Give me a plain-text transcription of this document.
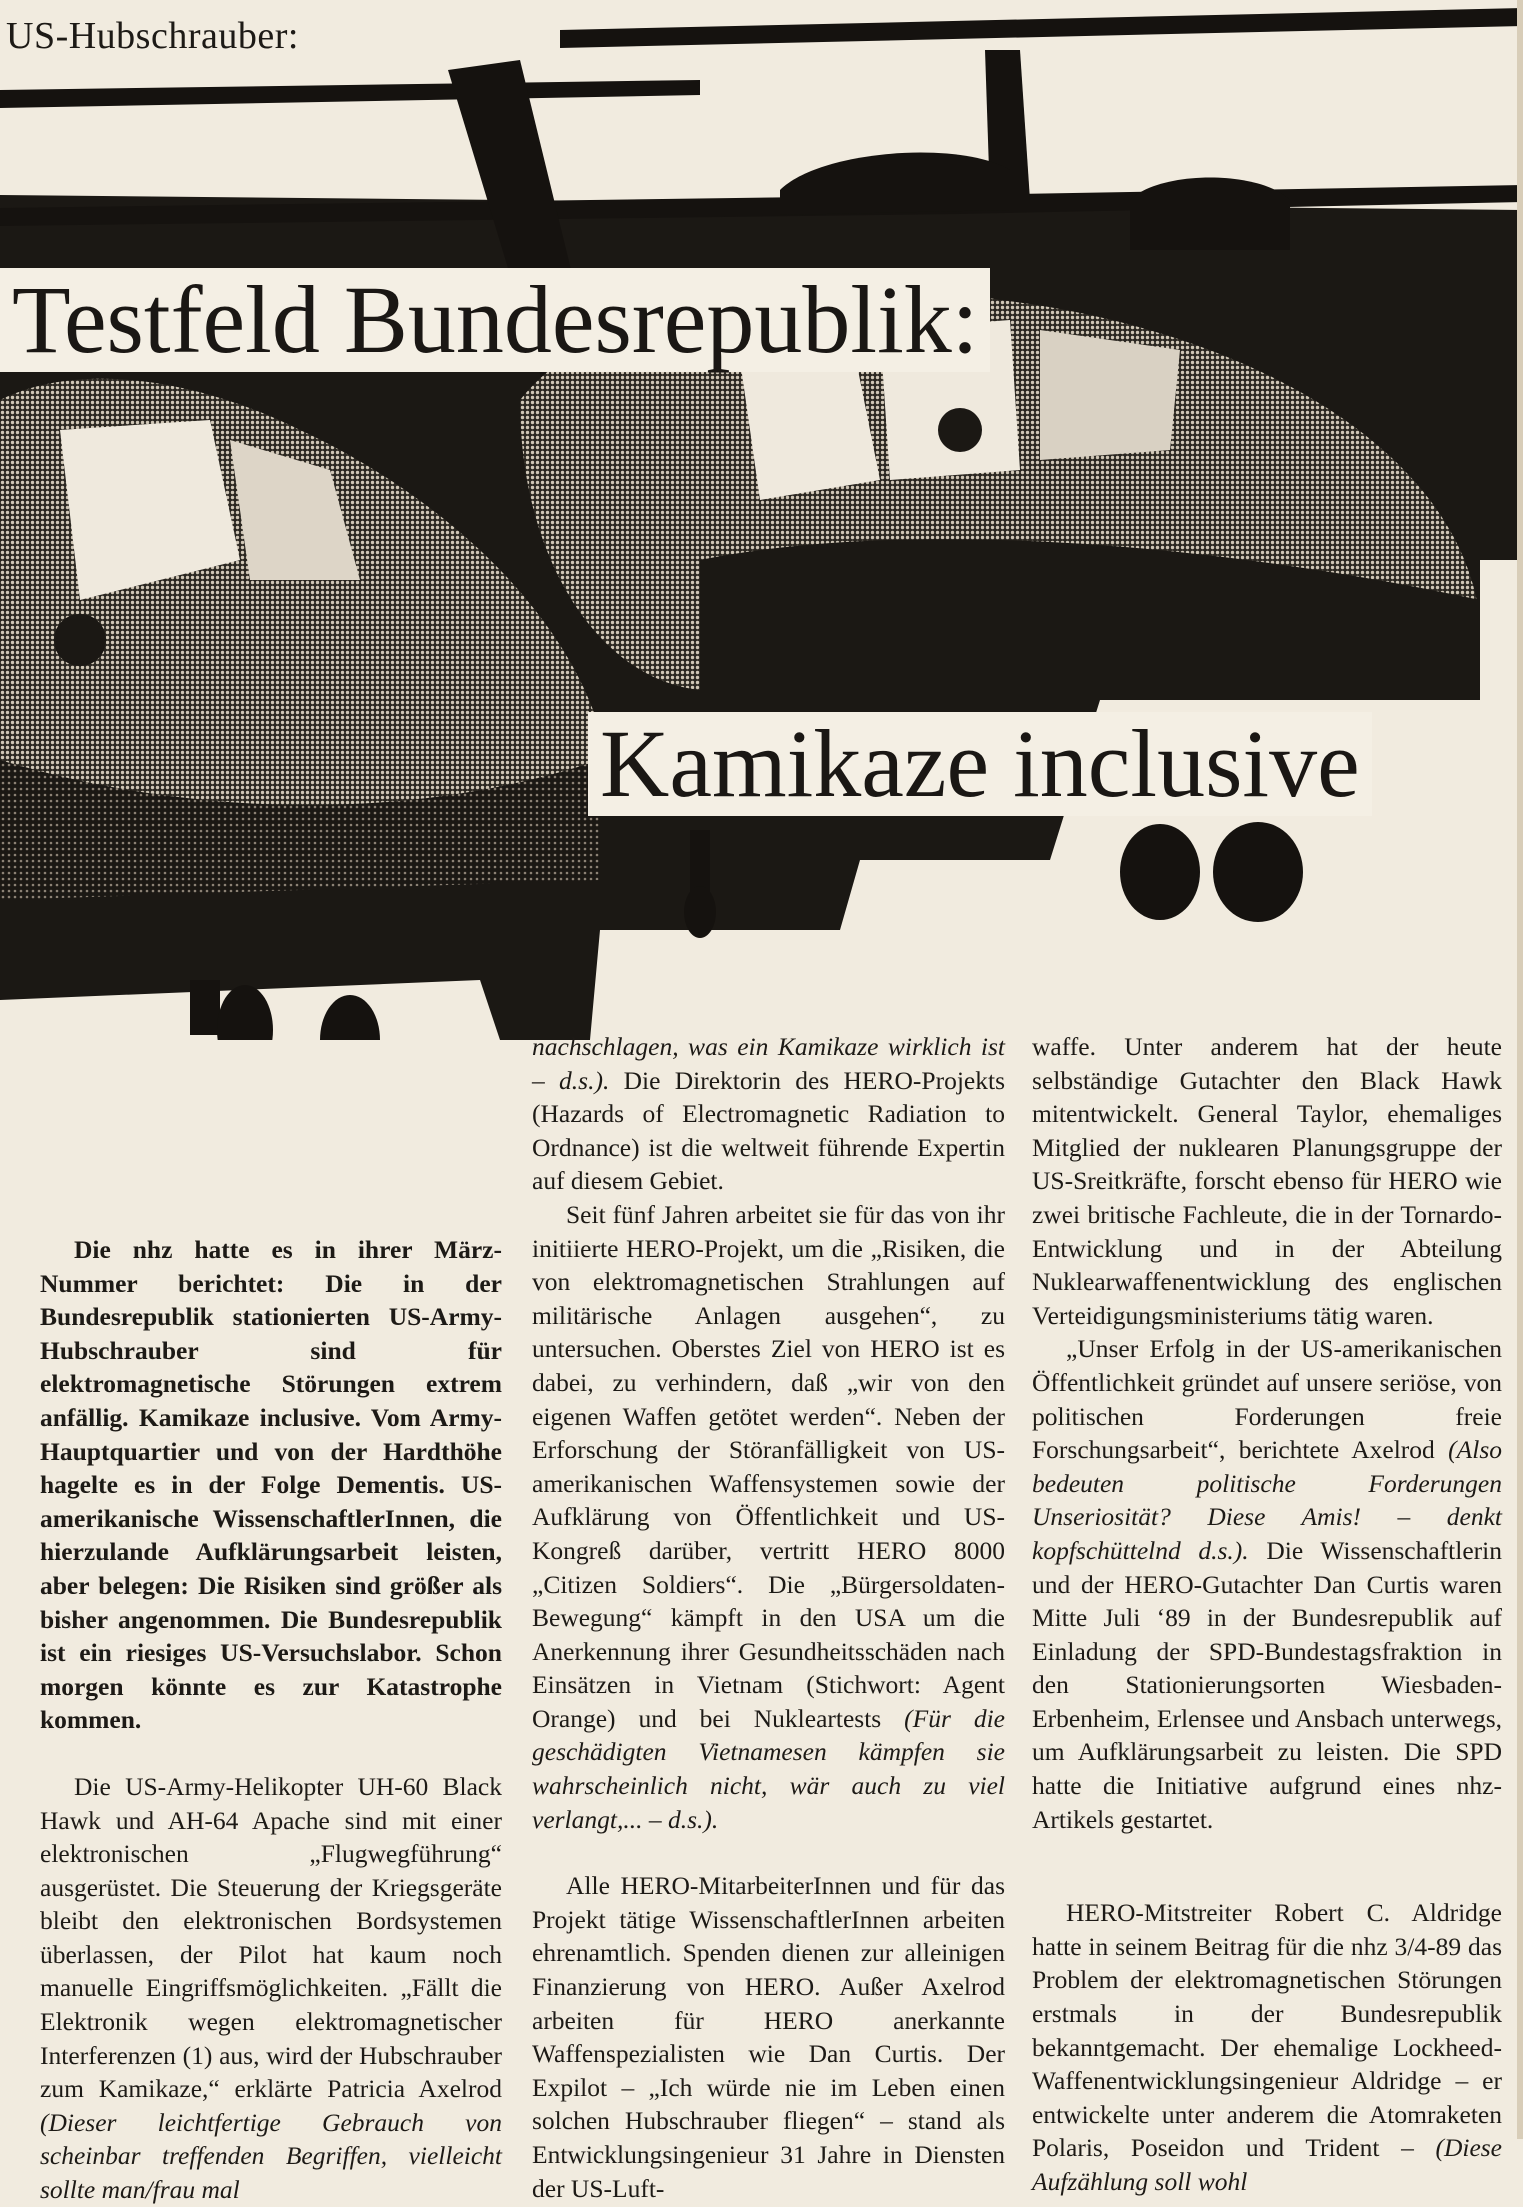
US-Hubschrauber:
Testfeld Bundesrepublik:
Kamikaze inclusive

Die nhz hatte es in ihrer März-Nummer berichtet: Die in der Bundesrepublik stationierten US-Army-Hubschrauber sind für elektromagnetische Störungen extrem anfällig. Kamikaze inclusive. Vom Army-Hauptquartier und von der Hardthöhe hagelte es in der Folge Dementis. US-amerikanische WissenschaftlerInnen, die hierzulande Aufklärungsarbeit leisten, aber belegen: Die Risiken sind größer als bisher angenommen. Die Bundesrepublik ist ein riesiges US-Versuchslabor. Schon morgen könnte es zur Katastrophe kommen.

Die US-Army-Helikopter UH-60 Black Hawk und AH-64 Apache sind mit einer elektronischen „Flugwegführung“ ausgerüstet. Die Steuerung der Kriegsgeräte bleibt den elektronischen Bordsystemen überlassen, der Pilot hat kaum noch manuelle Eingriffsmöglichkeiten. „Fällt die Elektronik wegen elektromagnetischer Interferenzen (1) aus, wird der Hubschrauber zum Kamikaze,“ erklärte Patricia Axelrod (Dieser leichtfertige Gebrauch von scheinbar treffenden Begriffen, vielleicht sollte man/frau mal

nachschlagen, was ein Kamikaze wirklich ist – d.s.). Die Direktorin des HERO-Projekts (Hazards of Electromagnetic Radiation to Ordnance) ist die weltweit führende Expertin auf diesem Gebiet.

Seit fünf Jahren arbeitet sie für das von ihr initiierte HERO-Projekt, um die „Risiken, die von elektromagnetischen Strahlungen auf militärische Anlagen ausgehen“, zu untersuchen. Oberstes Ziel von HERO ist es dabei, zu verhindern, daß „wir von den eigenen Waffen getötet werden“. Neben der Erforschung der Störanfälligkeit von US-amerikanischen Waffensystemen sowie der Aufklärung von Öffentlichkeit und US-Kongreß darüber, vertritt HERO 8000 „Citizen Soldiers“. Die „Bürgersoldaten-Bewegung“ kämpft in den USA um die Anerkennung ihrer Gesundheitsschäden nach Einsätzen in Vietnam (Stichwort: Agent Orange) und bei Nukleartests (Für die geschädigten Vietnamesen kämpfen sie wahrscheinlich nicht, wär auch zu viel verlangt,... – d.s.).

Alle HERO-MitarbeiterInnen und für das Projekt tätige WissenschaftlerInnen arbeiten ehrenamtlich. Spenden dienen zur alleinigen Finanzierung von HERO. Außer Axelrod arbeiten für HERO anerkannte Waffenspezialisten wie Dan Curtis. Der Expilot – „Ich würde nie im Leben einen solchen Hubschrauber fliegen“ – stand als Entwicklungsingenieur 31 Jahre in Diensten der US-Luft-

waffe. Unter anderem hat der heute selbständige Gutachter den Black Hawk mitentwickelt. General Taylor, ehemaliges Mitglied der nuklearen Planungsgruppe der US-Sreitkräfte, forscht ebenso für HERO wie zwei britische Fachleute, die in der Tornardo-Entwicklung und in der Abteilung Nuklearwaffenentwicklung des englischen Verteidigungsministeriums tätig waren.

„Unser Erfolg in der US-amerikanischen Öffentlichkeit gründet auf unsere seriöse, von politischen Forderungen freie Forschungsarbeit“, berichtete Axelrod (Also bedeuten politische Forderungen Unseriosität? Diese Amis! – denkt kopfschüttelnd d.s.). Die Wissenschaftlerin und der HERO-Gutachter Dan Curtis waren Mitte Juli ‘89 in der Bundesrepublik auf Einladung der SPD-Bundestagsfraktion in den Stationierungsorten Wiesbaden-Erbenheim, Erlensee und Ansbach unterwegs, um Aufklärungsarbeit zu leisten. Die SPD hatte die Initiative aufgrund eines nhz-Artikels gestartet.

HERO-Mitstreiter Robert C. Aldridge hatte in seinem Beitrag für die nhz 3/4-89 das Problem der elektromagnetischen Störungen erstmals in der Bundesrepublik bekanntgemacht. Der ehemalige Lockheed-Waffenentwicklungsingenieur Aldridge – er entwickelte unter anderem die Atomraketen Polaris, Poseidon und Trident – (Diese Aufzählung soll wohl
